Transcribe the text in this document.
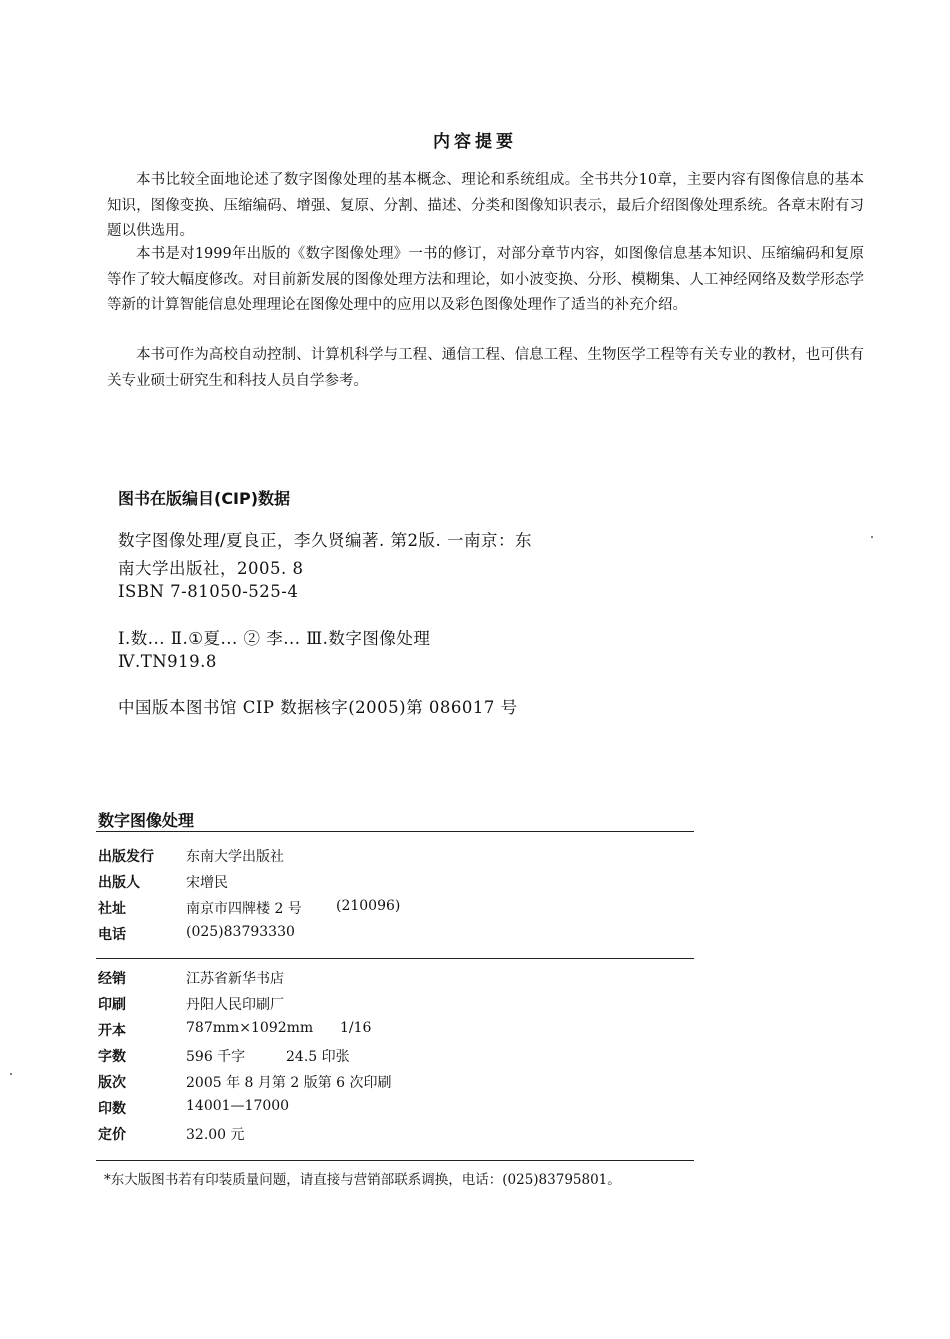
内容提要

本书比较全面地论述了数字图像处理的基本概念、理论和系统组成。全书共分10章，主要内容有图像信息的基本知识，图像变换、压缩编码、增强、复原、分割、描述、分类和图像知识表示，最后介绍图像处理系统。各章末附有习题以供选用。

本书是对1999年出版的《数字图像处理》一书的修订，对部分章节内容，如图像信息基本知识、压缩编码和复原等作了较大幅度修改。对目前新发展的图像处理方法和理论，如小波变换、分形、模糊集、人工神经网络及数学形态学等新的计算智能信息处理理论在图像处理中的应用以及彩色图像处理作了适当的补充介绍。

本书可作为高校自动控制、计算机科学与工程、通信工程、信息工程、生物医学工程等有关专业的教材，也可供有关专业硕士研究生和科技人员自学参考。

图书在版编目(CIP)数据
数字图像处理/夏良正，李久贤编著. 第2版. 一南京：东
南大学出版社，2005. 8
ISBN 7-81050-525-4
Ⅰ.数... Ⅱ.①夏... ② 李... Ⅲ.数字图像处理
Ⅳ.TN919.8
中国版本图书馆 CIP 数据核字(2005)第 086017 号
数字图像处理
出版发行	东南大学出版社
出版人	宋增民
社址	南京市四牌楼 2 号 (210096)
电话	(025)83793330
经销	江苏省新华书店
印刷	丹阳人民印刷厂
开本	787mm×1092mm 1/16
字数	596 千字	24.5 印张
版次	2005 年 8 月第 2 版第 6 次印刷
印数	14001—17000
定价	32.00 元
*东大版图书若有印装质量问题，请直接与营销部联系调换，电话：(025)83795801。
